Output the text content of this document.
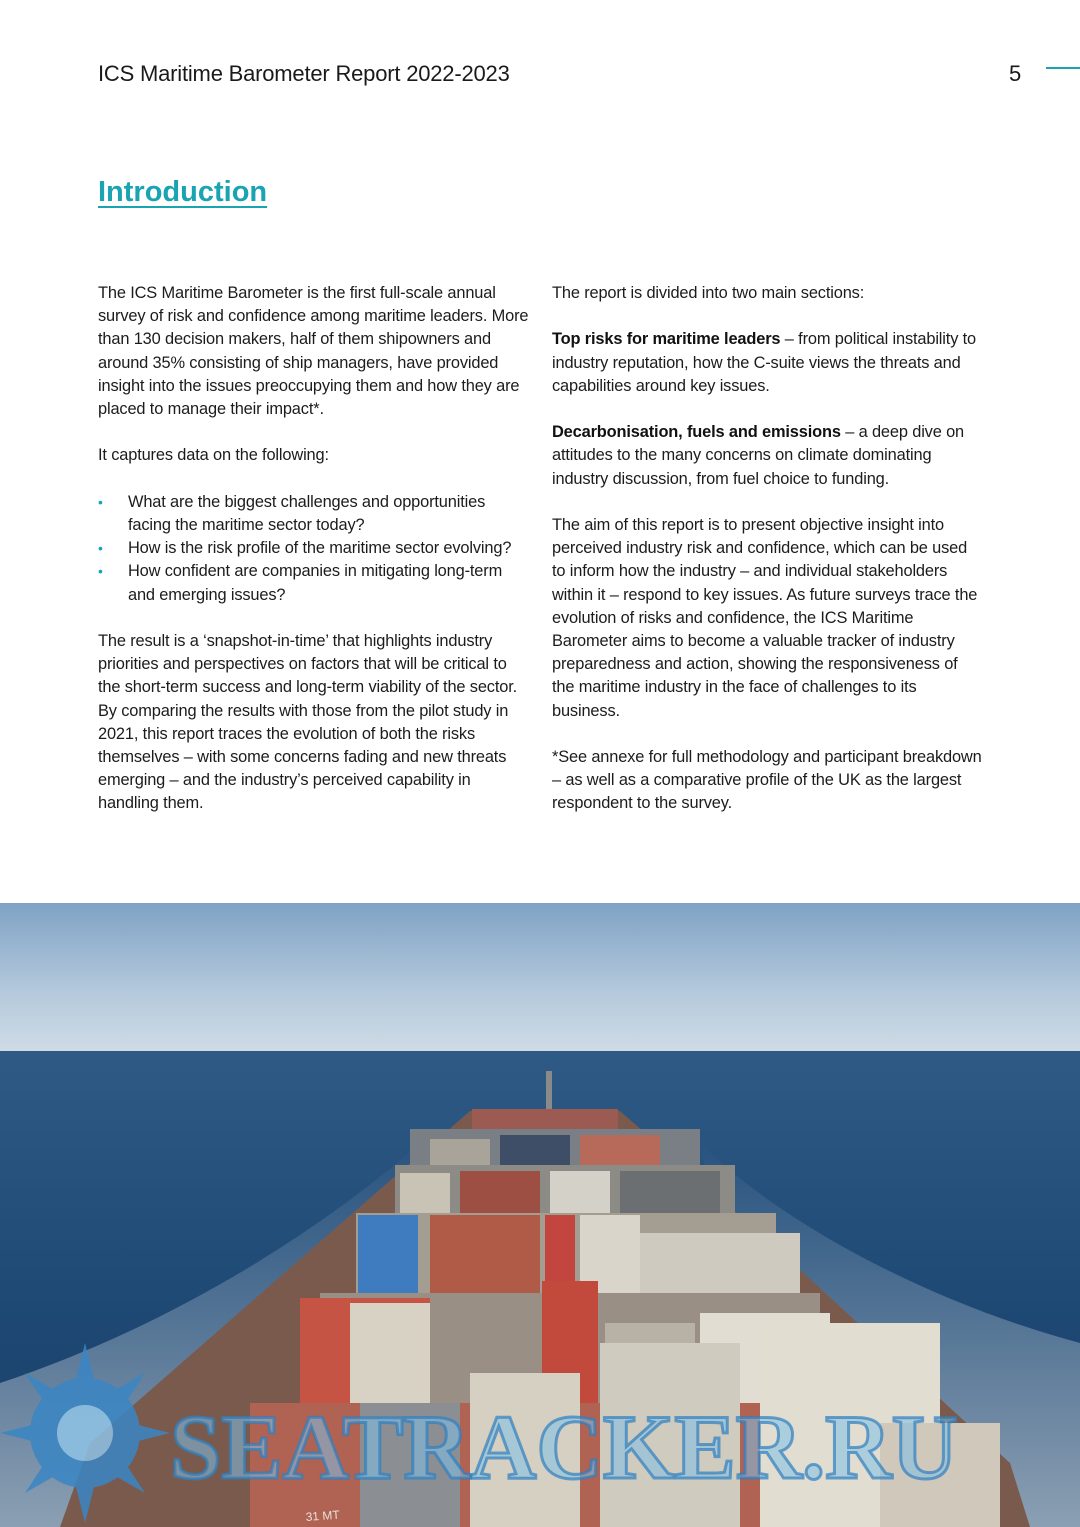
ICS Maritime Barometer Report 2022-2023	5
Introduction

The ICS Maritime Barometer is the first full-scale annual survey of risk and confidence among maritime leaders. More than 130 decision makers, half of them shipowners and around 35% consisting of ship managers, have provided insight into the issues preoccupying them and how they are placed to manage their impact*.

It captures data on the following:

• What are the biggest challenges and opportunities facing the maritime sector today?
• How is the risk profile of the maritime sector evolving?
• How confident are companies in mitigating long-term and emerging issues?

The result is a ‘snapshot-in-time’ that highlights industry priorities and perspectives on factors that will be critical to the short-term success and long-term viability of the sector. By comparing the results with those from the pilot study in 2021, this report traces the evolution of both the risks themselves – with some concerns fading and new threats emerging – and the industry’s perceived capability in handling them.

The report is divided into two main sections:

Top risks for maritime leaders – from political instability to industry reputation, how the C-suite views the threats and capabilities around key issues.

Decarbonisation, fuels and emissions – a deep dive on attitudes to the many concerns on climate dominating industry discussion, from fuel choice to funding.

The aim of this report is to present objective insight into perceived industry risk and confidence, which can be used to inform how the industry – and individual stakeholders within it – respond to key issues. As future surveys trace the evolution of risks and confidence, the ICS Maritime Barometer aims to become a valuable tracker of industry preparedness and action, showing the responsiveness of the maritime industry in the face of challenges to its business.

*See annexe for full methodology and participant breakdown – as well as a comparative profile of the UK as the largest respondent to the survey.

31 MT
SEATRACKER.RU
